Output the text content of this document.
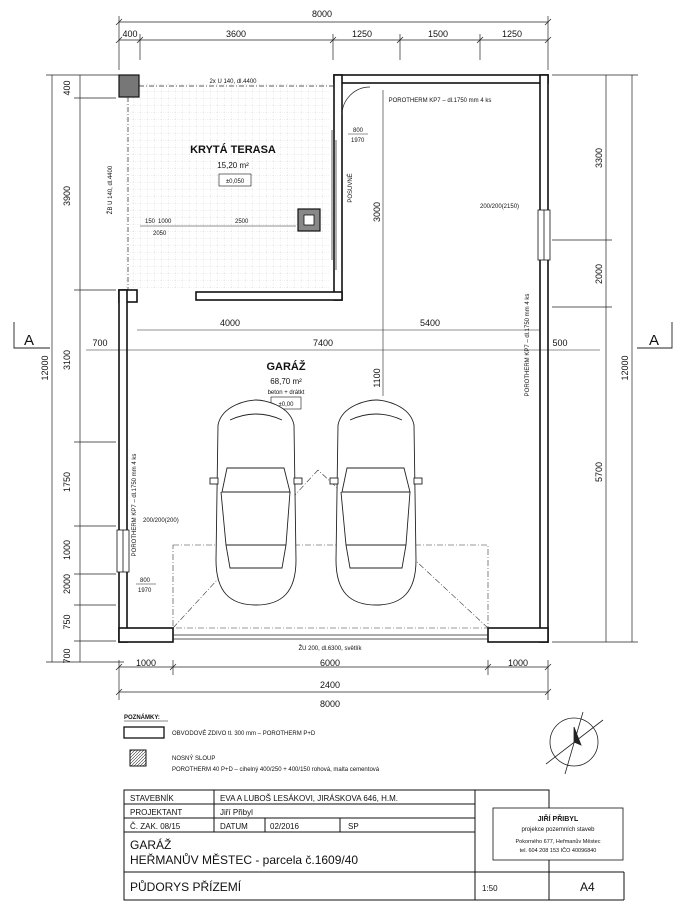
8000
400	3600	1250	1500	1250
12000
400
3900
3100
1750
1000
2000
750
700
3300
2000
5700
12000
A	A
4000
7400
5400
700	500
3000
1100
150 1000	2500
2050
KRYTÁ TERASA
15,20 m²
±0,050
GARÁŽ
68,70 m²
beton + drátkt
±0,00
2x U 140, dl.4400
ŽB U 140, dl.4400
POROTHERM KP7 – dl.1750 mm 4 ks
POROTHERM KP7 – dl.1750 mm 4 ks
POROTHERM KP7 – dl.1750 mm 4 ks
800
1970
800
1970
POSUVNÉ
200/200(2150)
200/200(200)
ŽU 200, dl.6300, světlík
1000	6000	1000
2400
8000
POZNÁMKY:
OBVODOVÉ ZDIVO tl. 300 mm – POROTHERM P+D
NOSNÝ SLOUP
POROTHERM 40 P+D – cihelný 400/250 + 400/150 rohová, malta cementová
STAVEBNÍK	EVA A LUBOŠ LESÁKOVI, JIRÁSKOVA 646, H.M.
PROJEKTANT	Jiří Přibyl
Č. ZAK. 08/15	DATUM	02/2016	SP
JIŘÍ PŘIBYL
projekce pozemních staveb
Pokorného 677, Heřmanův Městec
tel. 604 208 153 IČO 40096840
GARÁŽ
HEŘMANŮV MĚSTEC - parcela č.1609/40
PŮDORYS PŘÍZEMÍ	1:50	A4
